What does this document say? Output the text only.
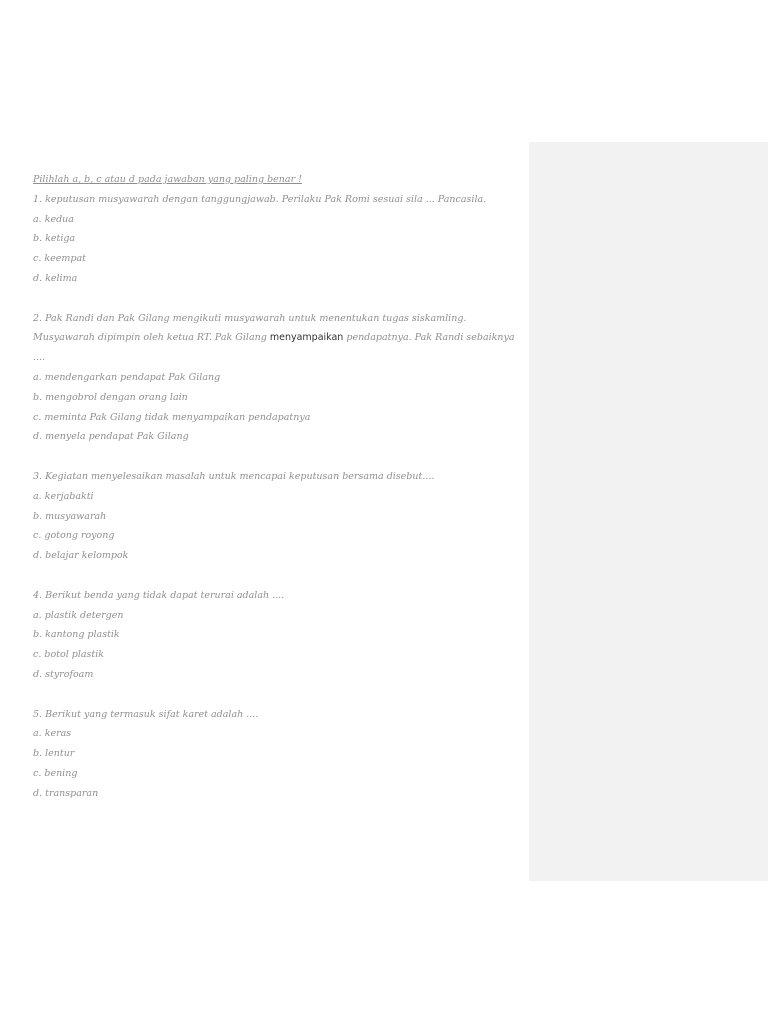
Pilihlah a, b, c atau d pada jawaban yang paling benar !
1. keputusan musyawarah dengan tanggungjawab. Perilaku Pak Romi sesuai sila ... Pancasila.
a. kedua
b. ketiga
c. keempat
d. kelima
2. Pak Randi dan Pak Gilang mengikuti musyawarah untuk menentukan tugas siskamling.
Musyawarah dipimpin oleh ketua RT. Pak Gilang menyampaikan pendapatnya. Pak Randi sebaiknya
....
a. mendengarkan pendapat Pak Gilang
b. mengobrol dengan orang lain
c. meminta Pak Gilang tidak menyampaikan pendapatnya
d. menyela pendapat Pak Gilang
3. Kegiatan menyelesaikan masalah untuk mencapai keputusan bersama disebut....
a. kerjabakti
b. musyawarah
c. gotong royong
d. belajar kelompok
4. Berikut benda yang tidak dapat terurai adalah ....
a. plastik detergen
b. kantong plastik
c. botol plastik
d. styrofoam
5. Berikut yang termasuk sifat karet adalah ....
a. keras
b. lentur
c. bening
d. transparan
